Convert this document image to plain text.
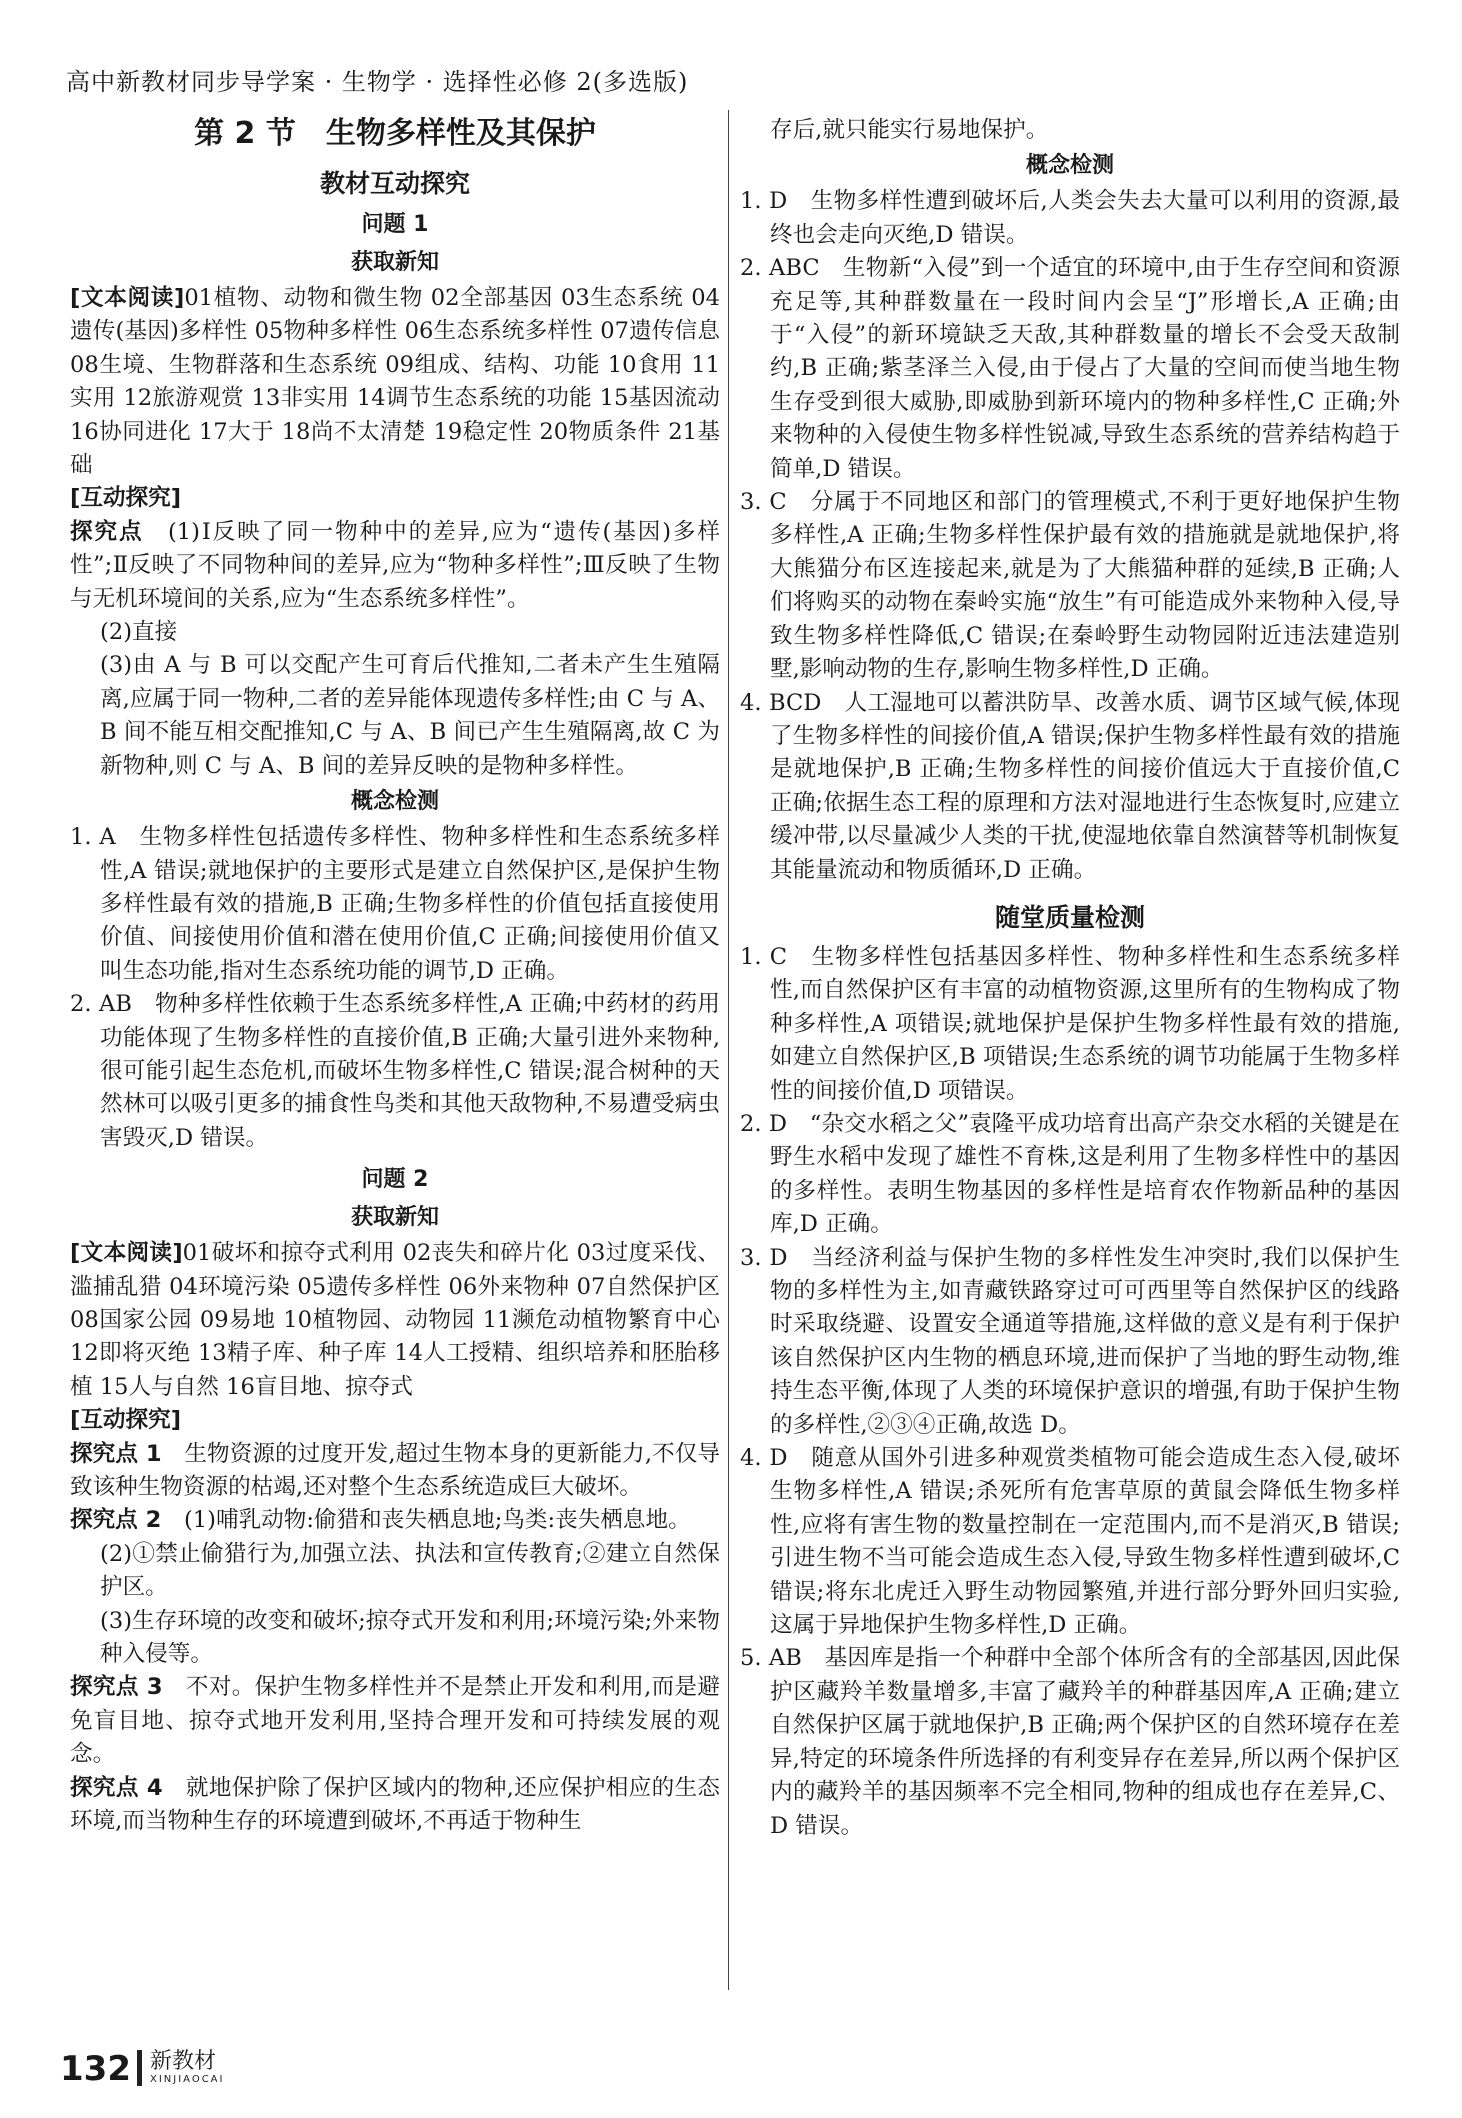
高中新教材同步导学案 · 生物学 · 选择性必修 2(多选版)
第 2 节　生物多样性及其保护
教材互动探究
问题 1
获取新知

[文本阅读]01植物、动物和微生物 02全部基因 03生态系统 04遗传(基因)多样性 05物种多样性 06生态系统多样性 07遗传信息 08生境、生物群落和生态系统 09组成、结构、功能 10食用 11实用 12旅游观赏 13非实用 14调节生态系统的功能 15基因流动 16协同进化 17大于 18尚不太清楚 19稳定性 20物质条件 21基础

[互动探究]

探究点　 (1)Ⅰ反映了同一物种中的差异,应为“遗传(基因)多样性”;Ⅱ反映了不同物种间的差异,应为“物种多样性”;Ⅲ反映了生物与无机环境间的关系,应为“生态系统多样性”。

(2)直接

(3)由 A 与 B 可以交配产生可育后代推知,二者未产生生殖隔离,应属于同一物种,二者的差异能体现遗传多样性;由 C 与 A、B 间不能互相交配推知,C 与 A、B 间已产生生殖隔离,故 C 为新物种,则 C 与 A、B 间的差异反映的是物种多样性。

概念检测

1. A　生物多样性包括遗传多样性、物种多样性和生态系统多样性,A 错误;就地保护的主要形式是建立自然保护区,是保护生物多样性最有效的措施,B 正确;生物多样性的价值包括直接使用价值、间接使用价值和潜在使用价值,C 正确;间接使用价值又叫生态功能,指对生态系统功能的调节,D 正确。

2. AB　物种多样性依赖于生态系统多样性,A 正确;中药材的药用功能体现了生物多样性的直接价值,B 正确;大量引进外来物种,很可能引起生态危机,而破坏生物多样性,C 错误;混合树种的天然林可以吸引更多的捕食性鸟类和其他天敌物种,不易遭受病虫害毁灭,D 错误。

问题 2
获取新知

[文本阅读]01破坏和掠夺式利用 02丧失和碎片化 03过度采伐、滥捕乱猎 04环境污染 05遗传多样性 06外来物种 07自然保护区 08国家公园 09易地 10植物园、动物园 11濒危动植物繁育中心 12即将灭绝 13精子库、种子库 14人工授精、组织培养和胚胎移植 15人与自然 16盲目地、掠夺式

[互动探究]

探究点 1　 生物资源的过度开发,超过生物本身的更新能力,不仅导致该种生物资源的枯竭,还对整个生态系统造成巨大破坏。

探究点 2　 (1)哺乳动物:偷猎和丧失栖息地;鸟类:丧失栖息地。

(2)①禁止偷猎行为,加强立法、执法和宣传教育;②建立自然保护区。

(3)生存环境的改变和破坏;掠夺式开发和利用;环境污染;外来物种入侵等。

探究点 3　 不对。保护生物多样性并不是禁止开发和利用,而是避免盲目地、掠夺式地开发利用,坚持合理开发和可持续发展的观念。

探究点 4　 就地保护除了保护区域内的物种,还应保护相应的生态环境,而当物种生存的环境遭到破坏,不再适于物种生

存后,就只能实行易地保护。

概念检测

1. D　生物多样性遭到破坏后,人类会失去大量可以利用的资源,最终也会走向灭绝,D 错误。

2. ABC　生物新“入侵”到一个适宜的环境中,由于生存空间和资源充足等,其种群数量在一段时间内会呈“J”形增长,A 正确;由于“入侵”的新环境缺乏天敌,其种群数量的增长不会受天敌制约,B 正确;紫茎泽兰入侵,由于侵占了大量的空间而使当地生物生存受到很大威胁,即威胁到新环境内的物种多样性,C 正确;外来物种的入侵使生物多样性锐减,导致生态系统的营养结构趋于简单,D 错误。

3. C　分属于不同地区和部门的管理模式,不利于更好地保护生物多样性,A 正确;生物多样性保护最有效的措施就是就地保护,将大熊猫分布区连接起来,就是为了大熊猫种群的延续,B 正确;人们将购买的动物在秦岭实施“放生”有可能造成外来物种入侵,导致生物多样性降低,C 错误;在秦岭野生动物园附近违法建造别墅,影响动物的生存,影响生物多样性,D 正确。

4. BCD　人工湿地可以蓄洪防旱、改善水质、调节区域气候,体现了生物多样性的间接价值,A 错误;保护生物多样性最有效的措施是就地保护,B 正确;生物多样性的间接价值远大于直接价值,C 正确;依据生态工程的原理和方法对湿地进行生态恢复时,应建立缓冲带,以尽量减少人类的干扰,使湿地依靠自然演替等机制恢复其能量流动和物质循环,D 正确。

随堂质量检测

1. C　生物多样性包括基因多样性、物种多样性和生态系统多样性,而自然保护区有丰富的动植物资源,这里所有的生物构成了物种多样性,A 项错误;就地保护是保护生物多样性最有效的措施,如建立自然保护区,B 项错误;生态系统的调节功能属于生物多样性的间接价值,D 项错误。

2. D　“杂交水稻之父”袁隆平成功培育出高产杂交水稻的关键是在野生水稻中发现了雄性不育株,这是利用了生物多样性中的基因的多样性。表明生物基因的多样性是培育农作物新品种的基因库,D 正确。

3. D　当经济利益与保护生物的多样性发生冲突时,我们以保护生物的多样性为主,如青藏铁路穿过可可西里等自然保护区的线路时采取绕避、设置安全通道等措施,这样做的意义是有利于保护该自然保护区内生物的栖息环境,进而保护了当地的野生动物,维持生态平衡,体现了人类的环境保护意识的增强,有助于保护生物的多样性,②③④正确,故选 D。

4. D　随意从国外引进多种观赏类植物可能会造成生态入侵,破坏生物多样性,A 错误;杀死所有危害草原的黄鼠会降低生物多样性,应将有害生物的数量控制在一定范围内,而不是消灭,B 错误;引进生物不当可能会造成生态入侵,导致生物多样性遭到破坏,C 错误;将东北虎迁入野生动物园繁殖,并进行部分野外回归实验,这属于异地保护生物多样性,D 正确。

5. AB　基因库是指一个种群中全部个体所含有的全部基因,因此保护区藏羚羊数量增多,丰富了藏羚羊的种群基因库,A 正确;建立自然保护区属于就地保护,B 正确;两个保护区的自然环境存在差异,特定的环境条件所选择的有利变异存在差异,所以两个保护区内的藏羚羊的基因频率不完全相同,物种的组成也存在差异,C、D 错误。

132 新教材
XINJIAOCAI
